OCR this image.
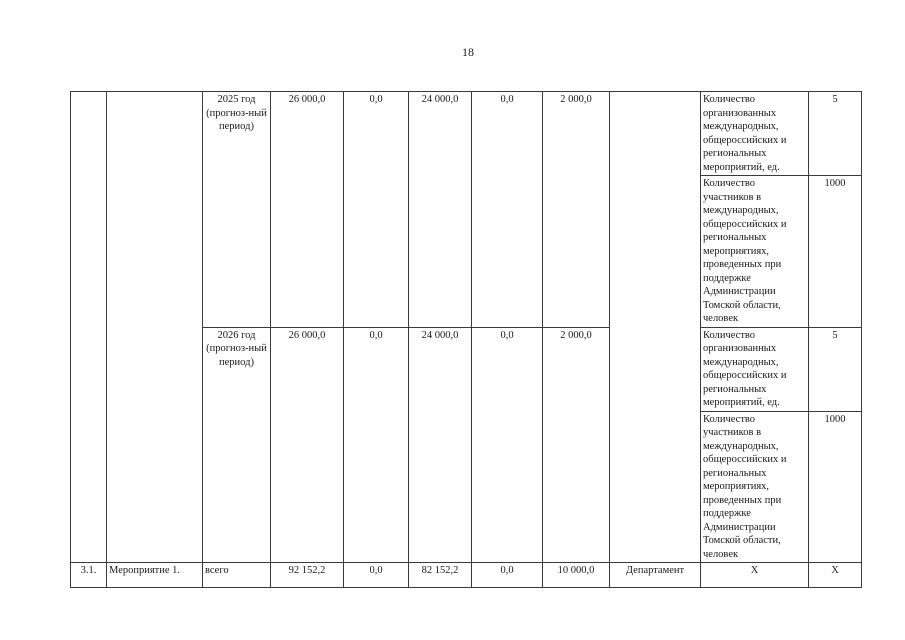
18
		2025 год (прогноз-ный период)	26 000,0	0,0	24 000,0	0,0	2 000,0		Количество организованных международных, общероссийских и региональных мероприятий, ед.	5
									Количество участников в международных, общероссийских и региональных мероприятиях, проведенных при поддержке Администрации Томской области, человек	1000
		2026 год (прогноз-ный период)	26 000,0	0,0	24 000,0	0,0	2 000,0		Количество организованных международных, общероссийских и региональных мероприятий, ед.	5
									Количество участников в международных, общероссийских и региональных мероприятиях, проведенных при поддержке Администрации Томской области, человек	1000
3.1.	Мероприятие 1.	всего	92 152,2	0,0	82 152,2	0,0	10 000,0	Департамент	X	X
